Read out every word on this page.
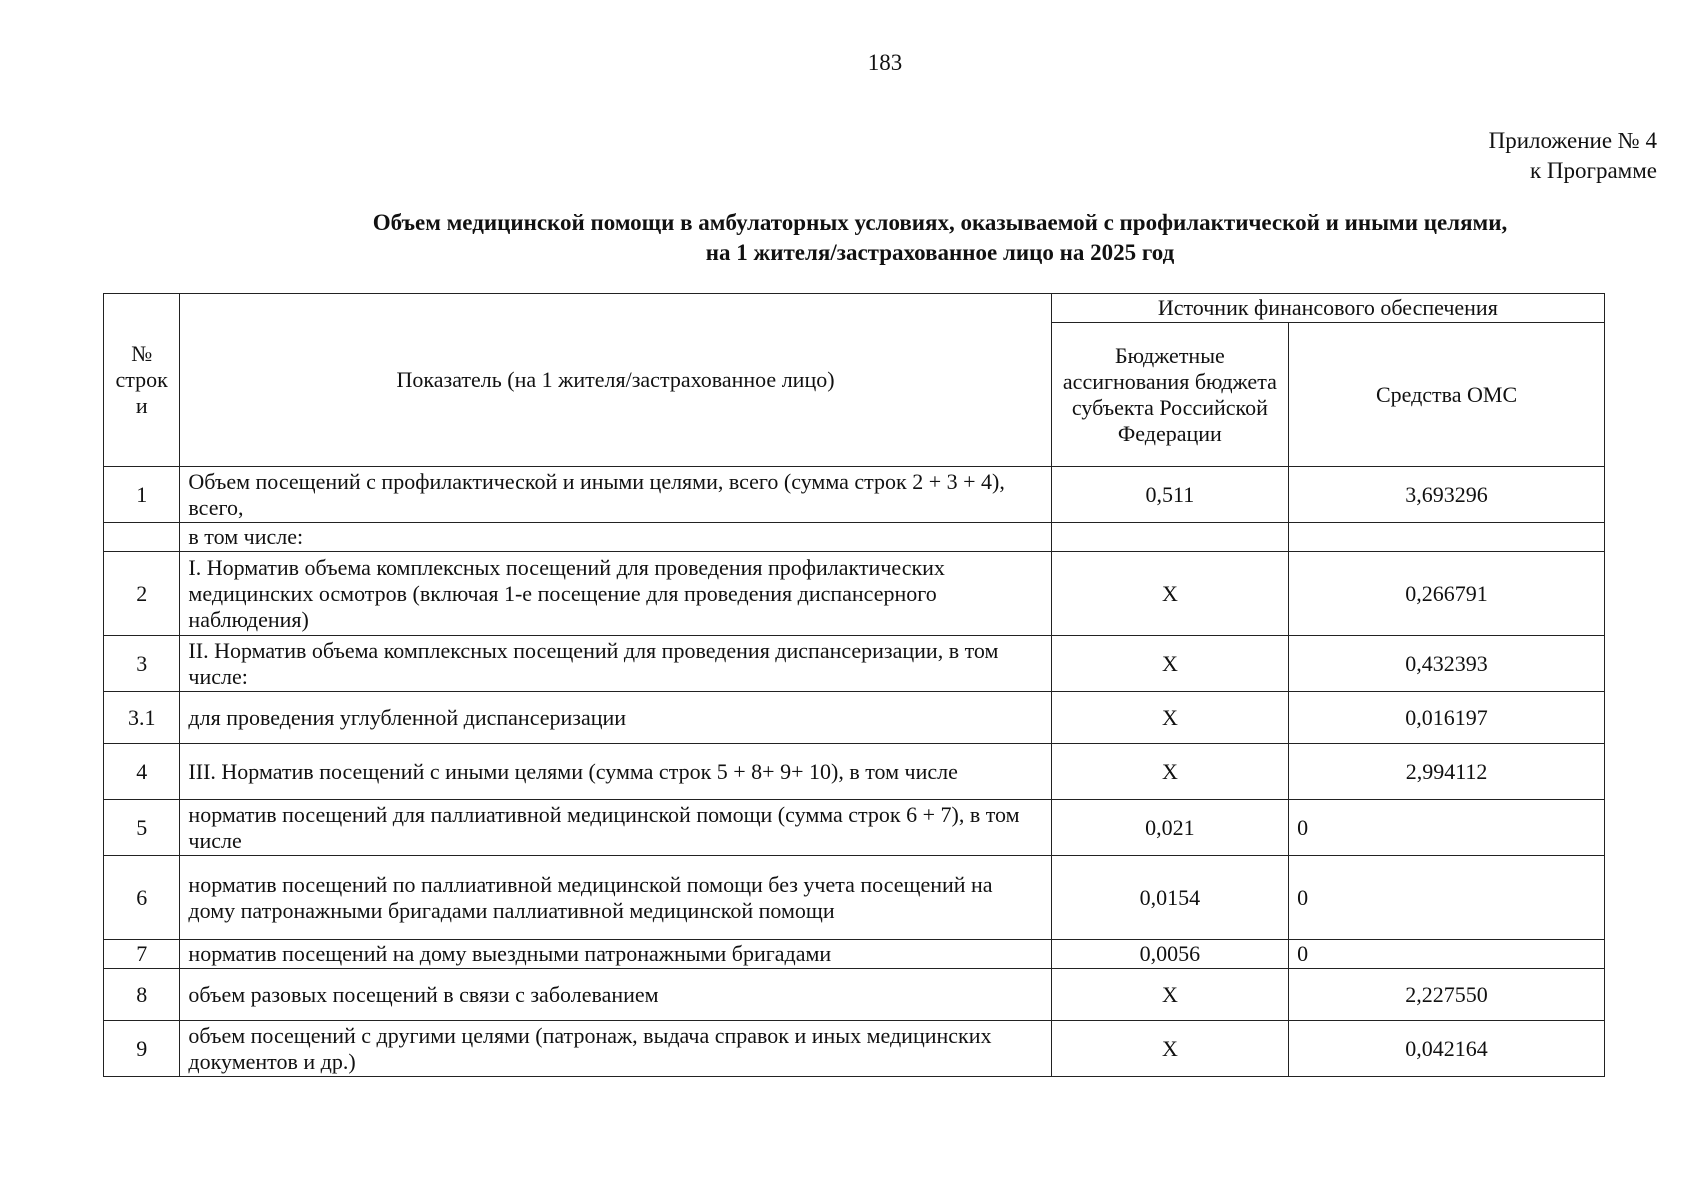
183
Приложение № 4
к Программе
Объем медицинской помощи в амбулаторных условиях, оказываемой с профилактической и иными целями,
на 1 жителя/застрахованное лицо на 2025 год
№ строк и	Показатель (на 1 жителя/застрахованное лицо)	Источник финансового обеспечения	
		Бюджетные ассигнования бюджета субъекта Российской Федерации	Средства ОМС
1	Объем посещений с профилактической и иными целями, всего (сумма строк 2 + 3 + 4), всего,	0,511	3,693296
	в том числе:		
2	I. Норматив объема комплексных посещений для проведения профилактических медицинских осмотров (включая 1-е посещение для проведения диспансерного наблюдения)	X	0,266791
3	II. Норматив объема комплексных посещений для проведения диспансеризации, в том числе:	X	0,432393
3.1	для проведения углубленной диспансеризации	X	0,016197
4	III. Норматив посещений с иными целями (сумма строк 5 + 8+ 9+ 10), в том числе	X	2,994112
5	норматив посещений для паллиативной медицинской помощи (сумма строк 6 + 7), в том числе	0,021	0
6	норматив посещений по паллиативной медицинской помощи без учета посещений на дому патронажными бригадами паллиативной медицинской помощи	0,0154	0
7	норматив посещений на дому выездными патронажными бригадами	0,0056	0
8	объем разовых посещений в связи с заболеванием	X	2,227550
9	объем посещений с другими целями (патронаж, выдача справок и иных медицинских документов и др.)	X	0,042164
